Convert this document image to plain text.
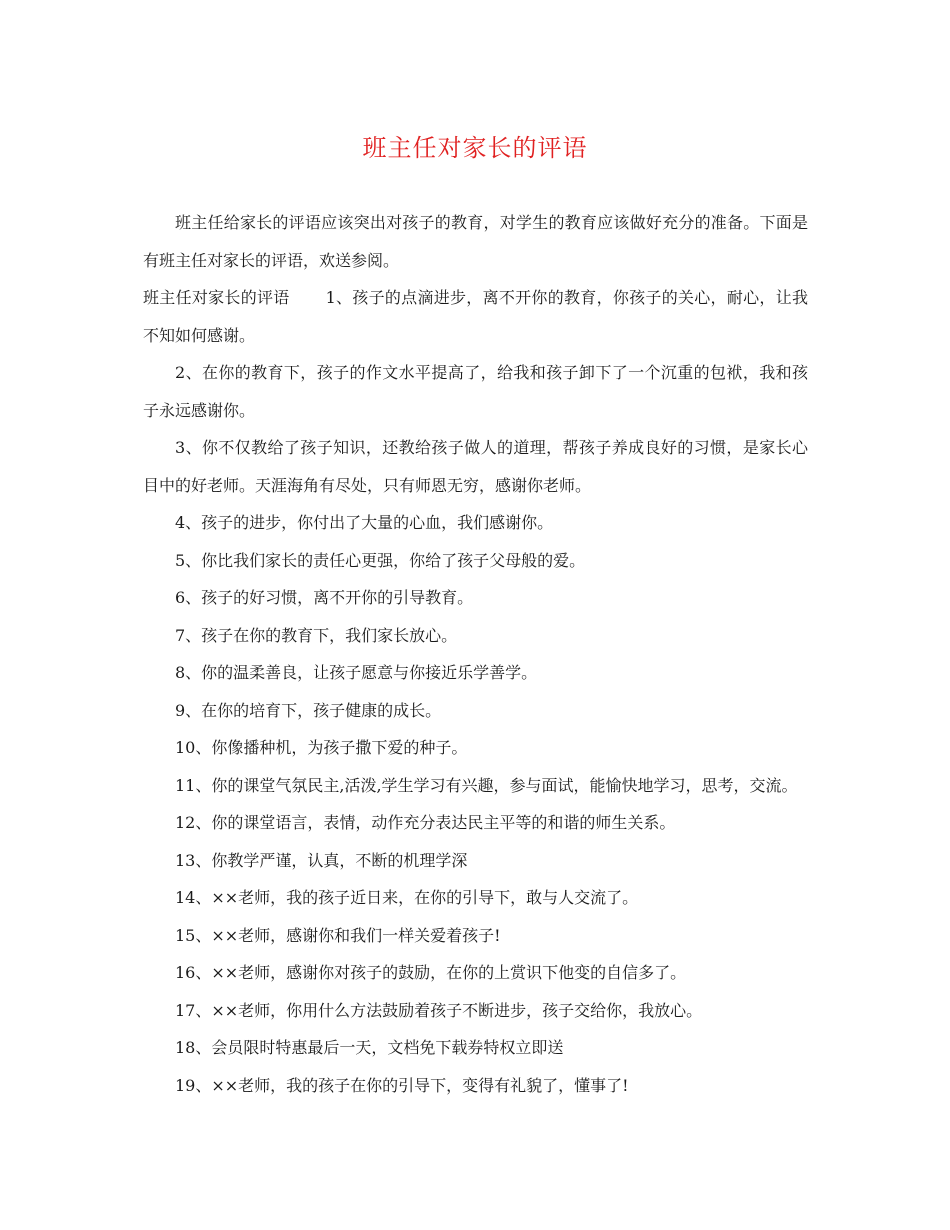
班主任对家长的评语

班主任给家长的评语应该突出对孩子的教育，对学生的教育应该做好充分的准备。下面是有班主任对家长的评语，欢送参阅。

班主任对家长的评语 1、孩子的点滴进步，离不开你的教育，你孩子的关心，耐心，让我不知如何感谢。

2、在你的教育下，孩子的作文水平提高了，给我和孩子卸下了一个沉重的包袱，我和孩子永远感谢你。

3、你不仅教给了孩子知识，还教给孩子做人的道理，帮孩子养成良好的习惯，是家长心目中的好老师。天涯海角有尽处，只有师恩无穷，感谢你老师。

4、孩子的进步，你付出了大量的心血，我们感谢你。

5、你比我们家长的责任心更强，你给了孩子父母般的爱。

6、孩子的好习惯，离不开你的引导教育。

7、孩子在你的教育下，我们家长放心。

8、你的温柔善良，让孩子愿意与你接近乐学善学。

9、在你的培育下，孩子健康的成长。

10、你像播种机，为孩子撒下爱的种子。

11、你的课堂气氛民主,活泼,学生学习有兴趣，参与面试，能愉快地学习，思考，交流。

12、你的课堂语言，表情，动作充分表达民主平等的和谐的师生关系。

13、你教学严谨，认真，不断的机理学深

14、××老师，我的孩子近日来，在你的引导下，敢与人交流了。

15、××老师，感谢你和我们一样关爱着孩子!

16、××老师，感谢你对孩子的鼓励，在你的上赏识下他变的自信多了。

17、××老师，你用什么方法鼓励着孩子不断进步，孩子交给你，我放心。

18、会员限时特惠最后一天，文档免下载券特权立即送

19、××老师，我的孩子在你的引导下，变得有礼貌了，懂事了!
